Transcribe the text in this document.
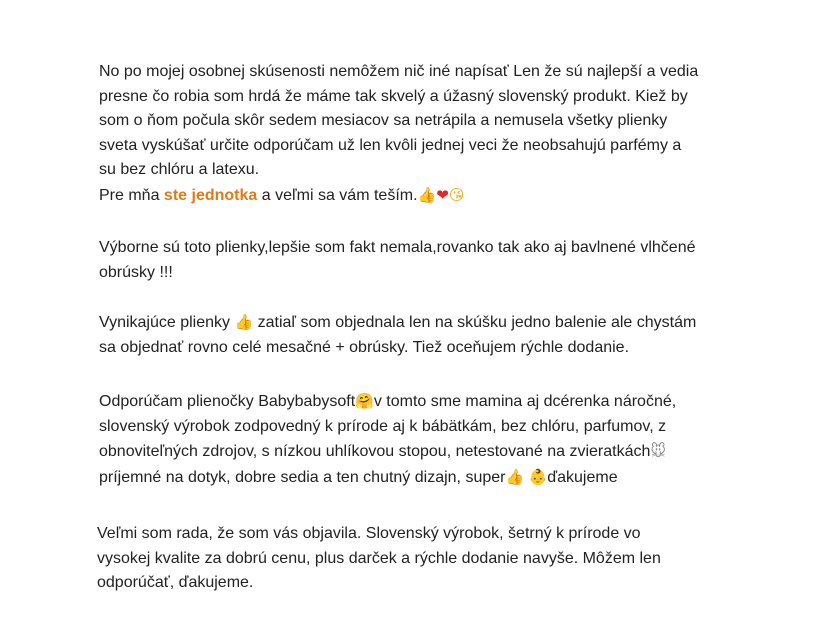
No po mojej osobnej skúsenosti nemôžem nič iné napísať Len že sú najlepší a vedia
presne čo robia som hrdá že máme tak skvelý a úžasný slovenský produkt. Kiež by
som o ňom počula skôr sedem mesiacov sa netrápila a nemusela všetky plienky
sveta vyskúšať určite odporúčam už len kvôli jednej veci že neobsahujú parfémy a
su bez chlóru a latexu.
Pre mňa ste jednotka a veľmi sa vám teším.👍❤😘

Výborne sú toto plienky,lepšie som fakt nemala,rovanko tak ako aj bavlnené vlhčené
obrúsky !!!

Vynikajúce plienky 👍 zatiaľ som objednala len na skúšku jedno balenie ale chystám
sa objednať rovno celé mesačné + obrúsky. Tiež oceňujem rýchle dodanie.

Odporúčam plienočky Babybabysoft🤗v tomto sme mamina aj dcérenka náročné,
slovenský výrobok zodpovedný k prírode aj k bábätkám, bez chlóru, parfumov, z
obnoviteľných zdrojov, s nízkou uhlíkovou stopou, netestované na zvieratkách🐭
príjemné na dotyk, dobre sedia a ten chutný dizajn, super👍 👶ďakujeme

Veľmi som rada, že som vás objavila. Slovenský výrobok, šetrný k prírode vo
vysokej kvalite za dobrú cenu, plus darček a rýchle dodanie navyše. Môžem len
odporúčať, ďakujeme.
